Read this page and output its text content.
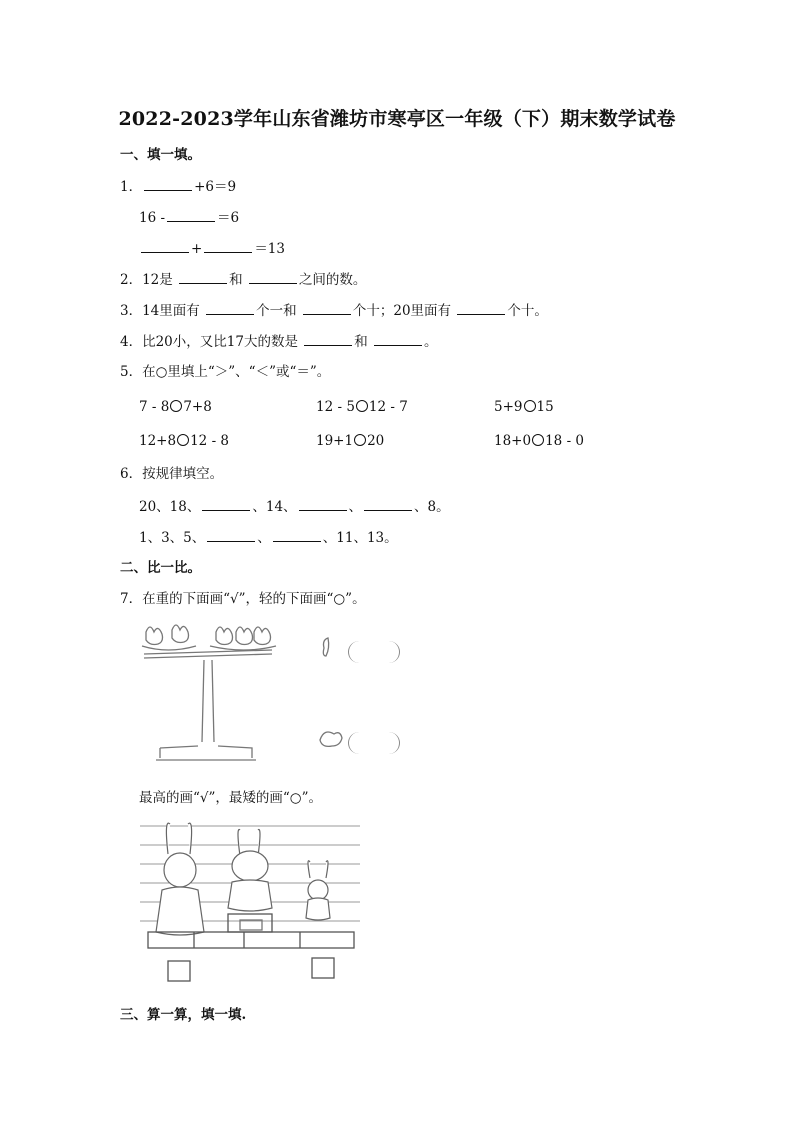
2022-2023学年山东省潍坊市寒亭区一年级（下）期末数学试卷
一、填一填。
1．	+6＝9
16 -	＝6
+	＝13
2．12是	和	之间的数。
3．14里面有	个一和	个十；20里面有	个十。
4．比20小，又比17大的数是	和	。
5．在○里填上“＞”、“＜”或“＝”。
7 - 8 7+8	12 - 5 12 - 7	5+9 15
12+8 12 - 8	19+1 20	18+0 18 - 0
6．按规律填空。
20、18、	、14、	、	、8。
1、3、5、	、	、11、13。
二、比一比。
7．在重的下面画“√”，轻的下面画“○”。
最高的画“√”，最矮的画“○”。
三、算一算，填一填.
